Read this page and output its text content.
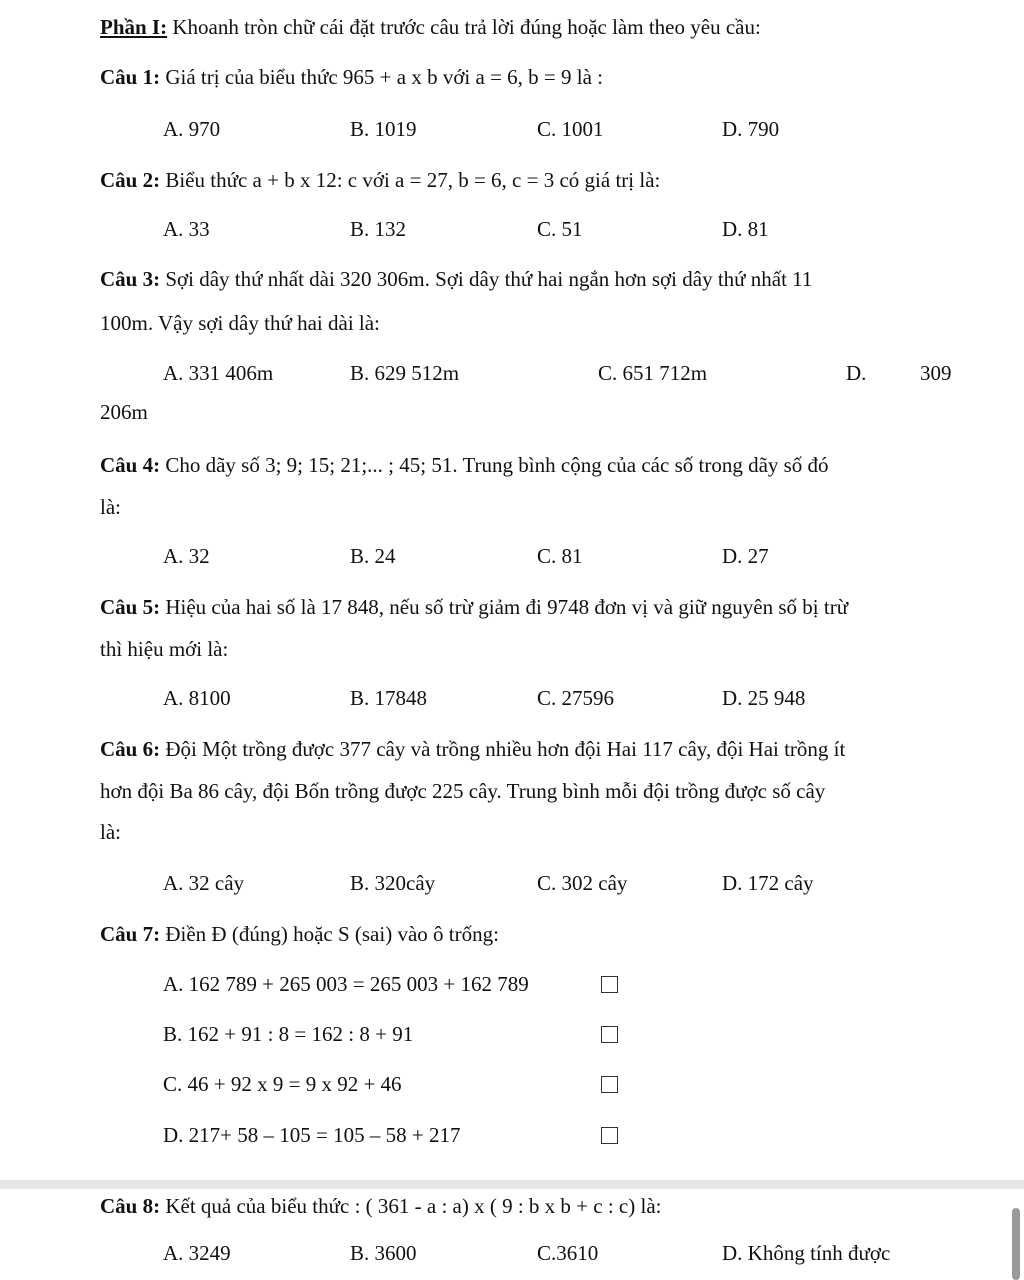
Phần I: Khoanh tròn chữ cái đặt trước câu trả lời đúng hoặc làm theo yêu cầu:
Câu 1: Giá trị của biểu thức 965 + a x b với a = 6, b = 9 là :
A. 970	B. 1019	C. 1001	D. 790
Câu 2: Biểu thức a + b x 12: c với a = 27, b = 6, c = 3 có giá trị là:
A. 33	B. 132	C. 51	D. 81
Câu 3: Sợi dây thứ nhất dài 320 306m. Sợi dây thứ hai ngắn hơn sợi dây thứ nhất 11
100m. Vậy sợi dây thứ hai dài là:
A. 331 406m	B. 629 512m	C. 651 712m	D.	309
206m
Câu 4: Cho dãy số 3; 9; 15; 21;... ; 45; 51. Trung bình cộng của các số trong dãy số đó
là:
A. 32	B. 24	C. 81	D. 27
Câu 5: Hiệu của hai số là 17 848, nếu số trừ giảm đi 9748 đơn vị và giữ nguyên số bị trừ
thì hiệu mới là:
A. 8100	B. 17848	C. 27596	D. 25 948
Câu 6: Đội Một trồng được 377 cây và trồng nhiều hơn đội Hai 117 cây, đội Hai trồng ít
hơn đội Ba 86 cây, đội Bốn trồng được 225 cây. Trung bình mỗi đội trồng được số cây
là:
A. 32 cây	B. 320cây	C. 302 cây	D. 172 cây
Câu 7: Điền Đ (đúng) hoặc S (sai) vào ô trống:
A. 162 789 + 265 003 = 265 003 + 162 789
B. 162 + 91 : 8 = 162 : 8 + 91
C. 46 + 92 x 9 = 9 x 92 + 46
D. 217+ 58 – 105 = 105 – 58 + 217
Câu 8: Kết quả của biểu thức : ( 361 - a : a) x ( 9 : b x b + c : c) là:
A. 3249	B. 3600	C.3610	D. Không tính được
